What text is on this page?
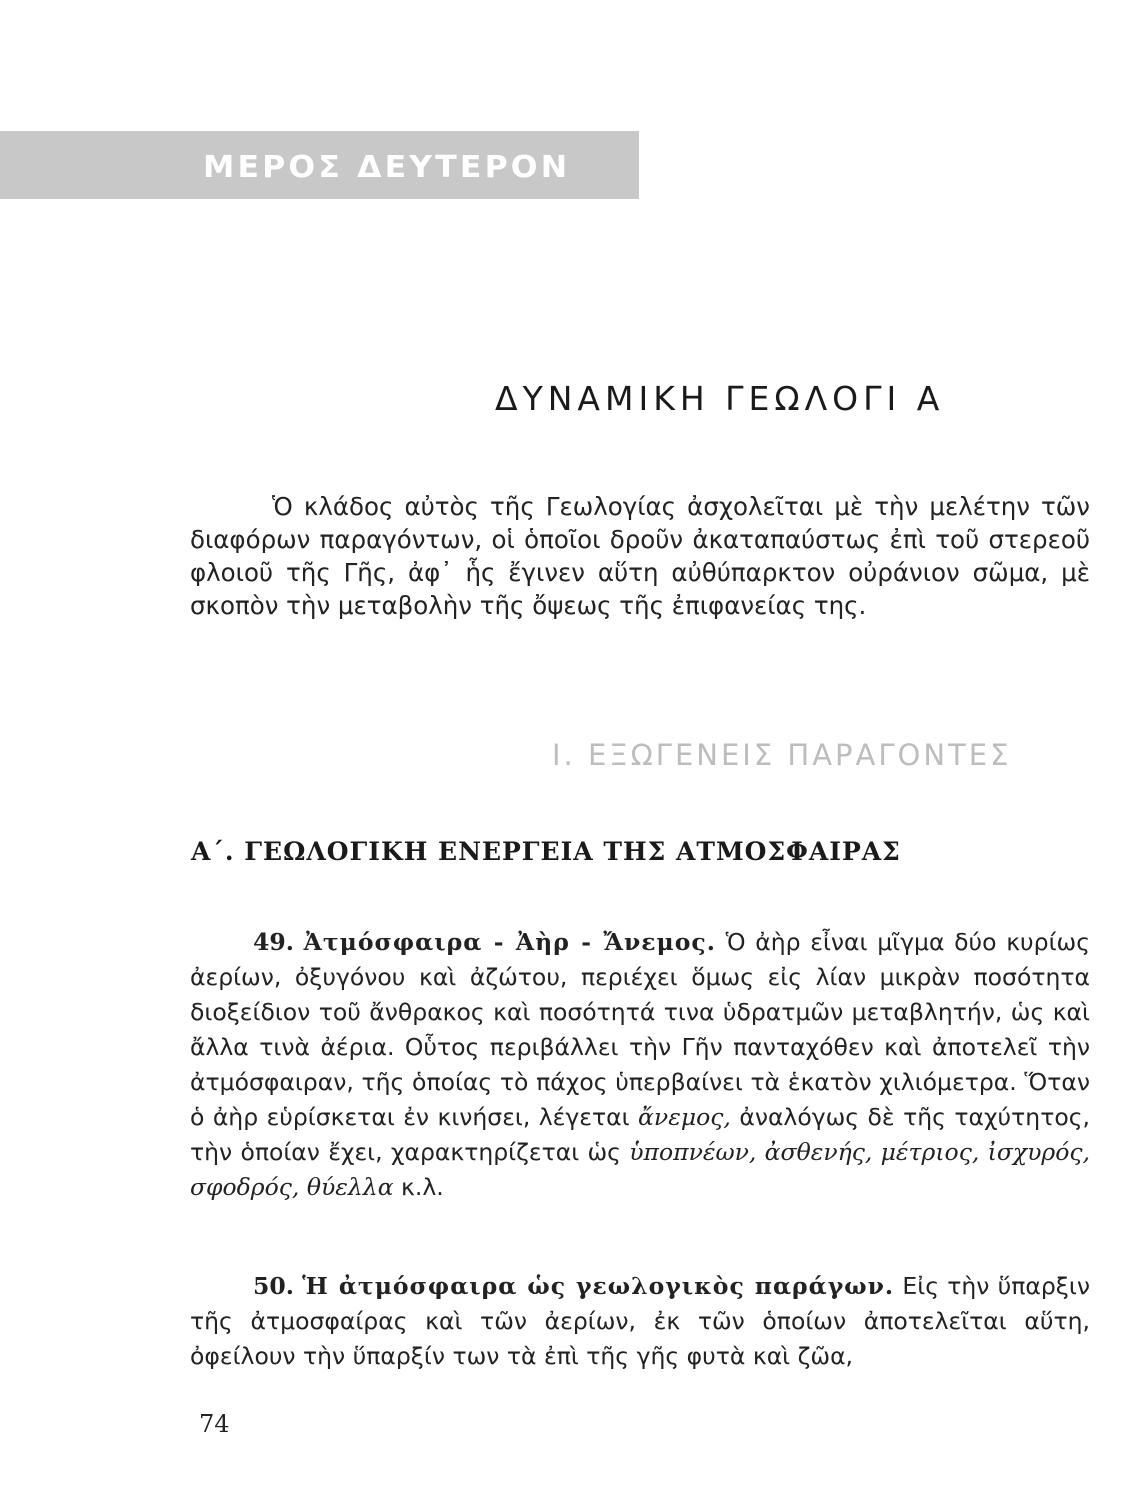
ΜΕΡΟΣ ΔΕΥΤΕΡΟΝ
ΔΥΝΑΜΙΚΗ ΓΕΩΛΟΓΙ Α

Ὁ κλάδος αὐτὸς τῆς Γεωλογίας ἀσχολεῖται μὲ τὴν μελέτην τῶν διαφόρων παραγόντων, οἱ ὁποῖοι δροῦν ἀκαταπαύστως ἐπὶ τοῦ στερεοῦ φλοιοῦ τῆς Γῆς, ἀφ᾽ ἧς ἔγινεν αὕτη αὐθύπαρκτον οὐράνιον σῶμα, μὲ σκοπὸν τὴν μεταβολὴν τῆς ὄψεως τῆς ἐπιφανείας της.

Ι. ΕΞΩΓΕΝΕΙΣ ΠΑΡΑΓΟΝΤΕΣ
Α΄. ΓΕΩΛΟΓΙΚΗ ΕΝΕΡΓΕΙΑ ΤΗΣ ΑΤΜΟΣΦΑΙΡΑΣ

49. Ἀτμόσφαιρα - Ἀὴρ - Ἄνεμος. Ὁ ἀὴρ εἶναι μῖγμα δύο κυρίως ἀερίων, ὀξυγόνου καὶ ἀζώτου, περιέχει ὅμως εἰς λίαν μικρὰν ποσότητα διοξείδιον τοῦ ἄνθρακος καὶ ποσότητά τινα ὑδρατμῶν μεταβλητήν, ὡς καὶ ἄλλα τινὰ ἀέρια. Οὗτος περιβάλλει τὴν Γῆν πανταχόθεν καὶ ἀποτελεῖ τὴν ἀτμόσφαιραν, τῆς ὁποίας τὸ πάχος ὑπερβαίνει τὰ ἑκατὸν χιλιόμετρα. Ὅταν ὁ ἀὴρ εὑρίσκεται ἐν κινήσει, λέγεται ἄνεμος, ἀναλόγως δὲ τῆς ταχύτητος, τὴν ὁποίαν ἔχει, χαρακτηρίζεται ὡς ὑποπνέων, ἀσθενής, μέτριος, ἰσχυρός, σφοδρός, θύελλα κ.λ.

50. Ἡ ἀτμόσφαιρα ὡς γεωλογικὸς παράγων. Εἰς τὴν ὕπαρξιν τῆς ἀτμοσφαίρας καὶ τῶν ἀερίων, ἐκ τῶν ὁποίων ἀποτελεῖται αὕτη, ὀφείλουν τὴν ὕπαρξίν των τὰ ἐπὶ τῆς γῆς φυτὰ καὶ ζῶα,

74
